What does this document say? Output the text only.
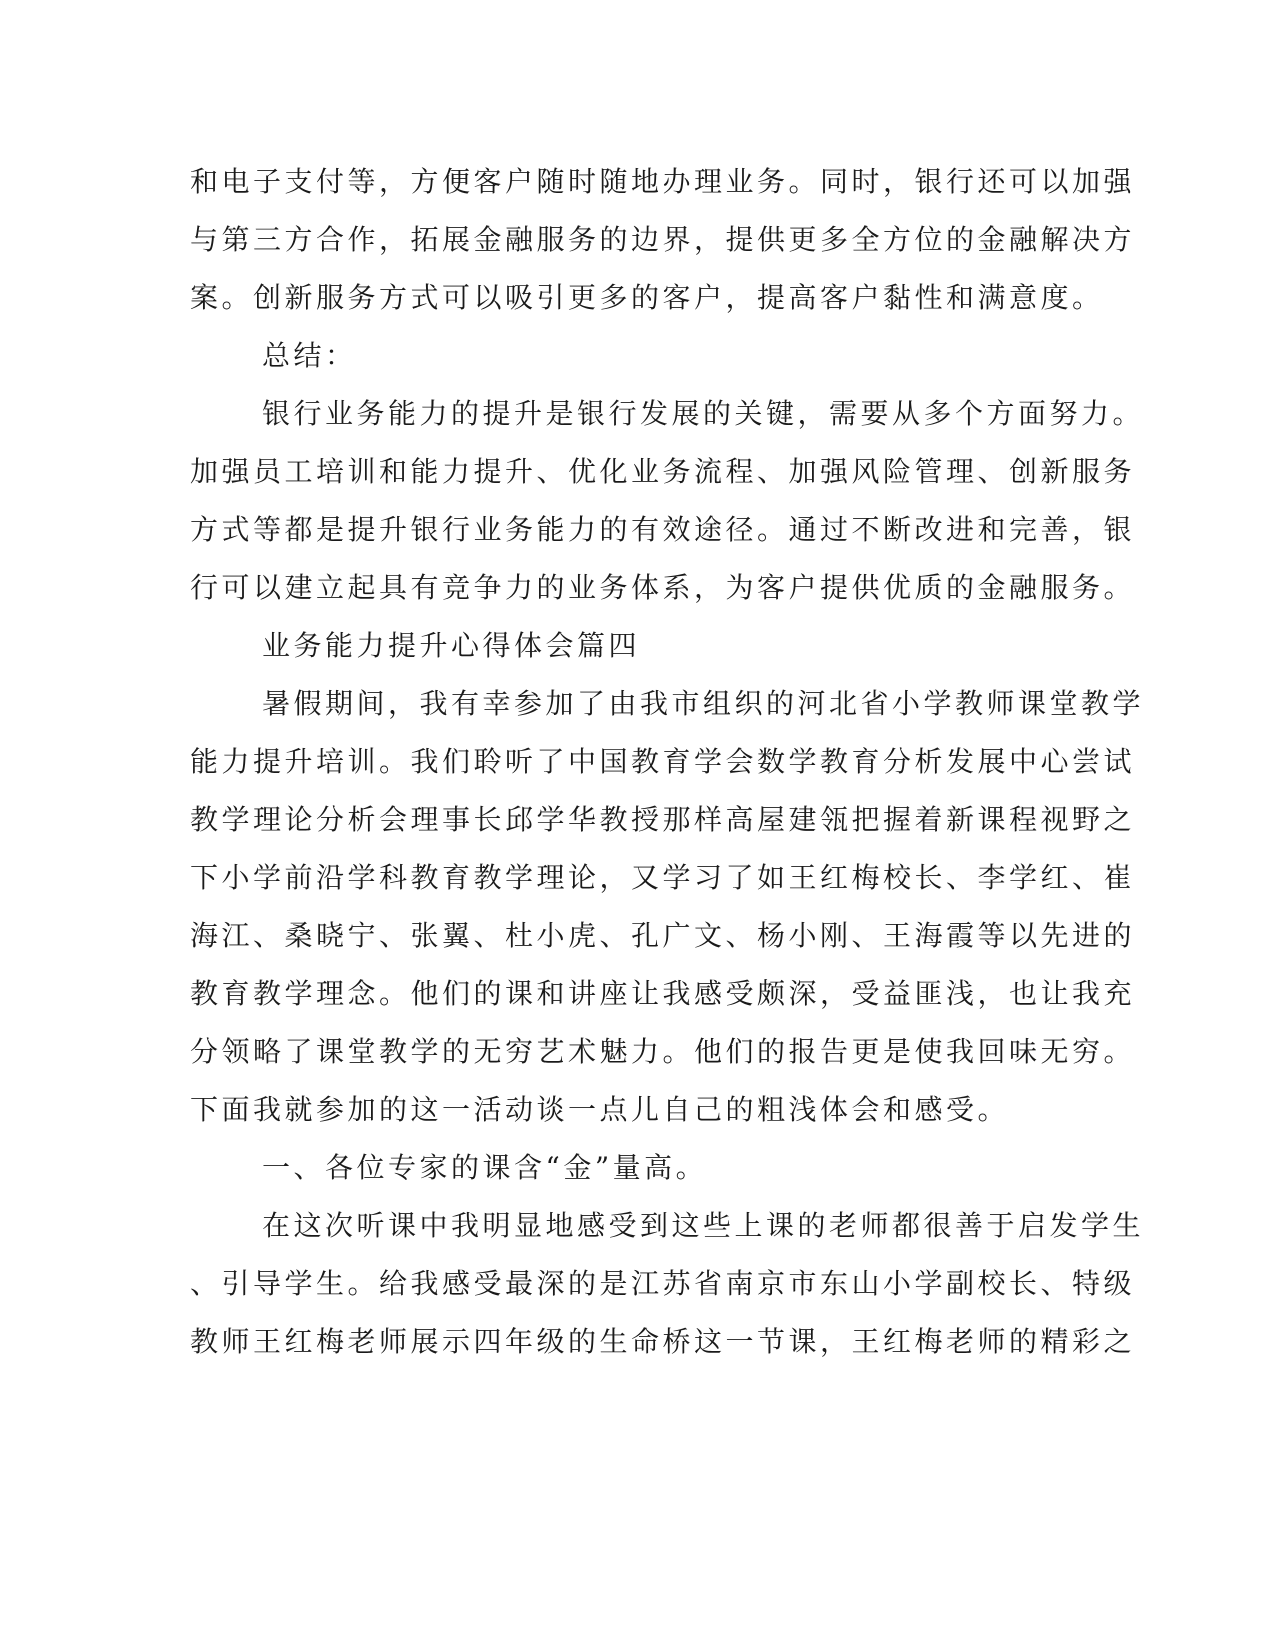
和电子支付等，方便客户随时随地办理业务。同时，银行还可以加强

与第三方合作，拓展金融服务的边界，提供更多全方位的金融解决方

案。创新服务方式可以吸引更多的客户，提高客户黏性和满意度。

总结：

银行业务能力的提升是银行发展的关键，需要从多个方面努力。

加强员工培训和能力提升、优化业务流程、加强风险管理、创新服务

方式等都是提升银行业务能力的有效途径。通过不断改进和完善，银

行可以建立起具有竞争力的业务体系，为客户提供优质的金融服务。

业务能力提升心得体会篇四

暑假期间，我有幸参加了由我市组织的河北省小学教师课堂教学

能力提升培训。我们聆听了中国教育学会数学教育分析发展中心尝试

教学理论分析会理事长邱学华教授那样高屋建瓴把握着新课程视野之

下小学前沿学科教育教学理论，又学习了如王红梅校长、李学红、崔

海江、桑晓宁、张翼、杜小虎、孔广文、杨小刚、王海霞等以先进的

教育教学理念。他们的课和讲座让我感受颇深，受益匪浅，也让我充

分领略了课堂教学的无穷艺术魅力。他们的报告更是使我回味无穷。

下面我就参加的这一活动谈一点儿自己的粗浅体会和感受。

一、各位专家的课含“金”量高。

在这次听课中我明显地感受到这些上课的老师都很善于启发学生

、引导学生。给我感受最深的是江苏省南京市东山小学副校长、特级

教师王红梅老师展示四年级的生命桥这一节课，王红梅老师的精彩之
